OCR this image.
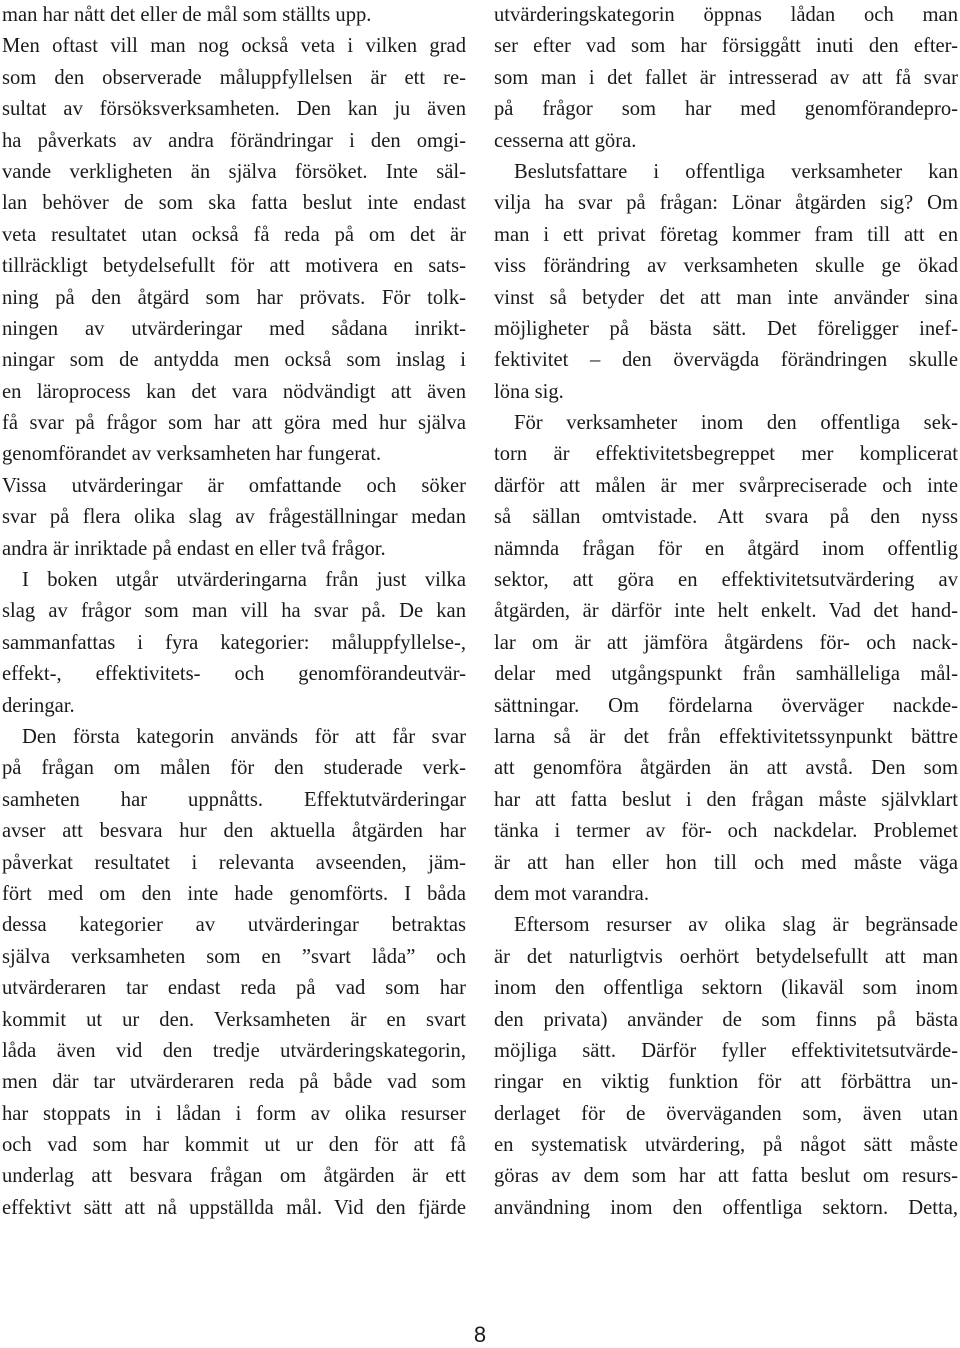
man har nått det eller de mål som ställts upp.
Men oftast vill man nog också veta i vilken grad
som den observerade måluppfyllelsen är ett re-
sultat av försöksverksamheten. Den kan ju även
ha påverkats av andra förändringar i den omgi-
vande verkligheten än själva försöket. Inte säl-
lan behöver de som ska fatta beslut inte endast
veta resultatet utan också få reda på om det är
tillräckligt betydelsefullt för att motivera en sats-
ning på den åtgärd som har prövats. För tolk-
ningen av utvärderingar med sådana inrikt-
ningar som de antydda men också som inslag i
en läroprocess kan det vara nödvändigt att även
få svar på frågor som har att göra med hur själva
genomförandet av verksamheten har fungerat.
Vissa utvärderingar är omfattande och söker
svar på flera olika slag av frågeställningar medan
andra är inriktade på endast en eller två frågor.
I boken utgår utvärderingarna från just vilka
slag av frågor som man vill ha svar på. De kan
sammanfattas i fyra kategorier: måluppfyllelse-,
effekt-, effektivitets- och genomförandeutvär-
deringar.
Den första kategorin används för att får svar
på frågan om målen för den studerade verk-
samheten har uppnåtts. Effektutvärderingar
avser att besvara hur den aktuella åtgärden har
påverkat resultatet i relevanta avseenden, jäm-
fört med om den inte hade genomförts. I båda
dessa kategorier av utvärderingar betraktas
själva verksamheten som en ”svart låda” och
utvärderaren tar endast reda på vad som har
kommit ut ur den. Verksamheten är en svart
låda även vid den tredje utvärderingskategorin,
men där tar utvärderaren reda på både vad som
har stoppats in i lådan i form av olika resurser
och vad som har kommit ut ur den för att få
underlag att besvara frågan om åtgärden är ett
effektivt sätt att nå uppställda mål. Vid den fjärde
utvärderingskategorin öppnas lådan och man
ser efter vad som har försiggått inuti den efter-
som man i det fallet är intresserad av att få svar
på frågor som har med genomförandepro-
cesserna att göra.
Beslutsfattare i offentliga verksamheter kan
vilja ha svar på frågan: Lönar åtgärden sig? Om
man i ett privat företag kommer fram till att en
viss förändring av verksamheten skulle ge ökad
vinst så betyder det att man inte använder sina
möjligheter på bästa sätt. Det föreligger inef-
fektivitet – den övervägda förändringen skulle
löna sig.
För verksamheter inom den offentliga sek-
torn är effektivitetsbegreppet mer komplicerat
därför att målen är mer svårpreciserade och inte
så sällan omtvistade. Att svara på den nyss
nämnda frågan för en åtgärd inom offentlig
sektor, att göra en effektivitetsutvärdering av
åtgärden, är därför inte helt enkelt. Vad det hand-
lar om är att jämföra åtgärdens för- och nack-
delar med utgångspunkt från samhälleliga mål-
sättningar. Om fördelarna överväger nackde-
larna så är det från effektivitetssynpunkt bättre
att genomföra åtgärden än att avstå. Den som
har att fatta beslut i den frågan måste självklart
tänka i termer av för- och nackdelar. Problemet
är att han eller hon till och med måste väga
dem mot varandra.
Eftersom resurser av olika slag är begränsade
är det naturligtvis oerhört betydelsefullt att man
inom den offentliga sektorn (likaväl som inom
den privata) använder de som finns på bästa
möjliga sätt. Därför fyller effektivitetsutvärde-
ringar en viktig funktion för att förbättra un-
derlaget för de överväganden som, även utan
en systematisk utvärdering, på något sätt måste
göras av dem som har att fatta beslut om resurs-
användning inom den offentliga sektorn. Detta,
8
